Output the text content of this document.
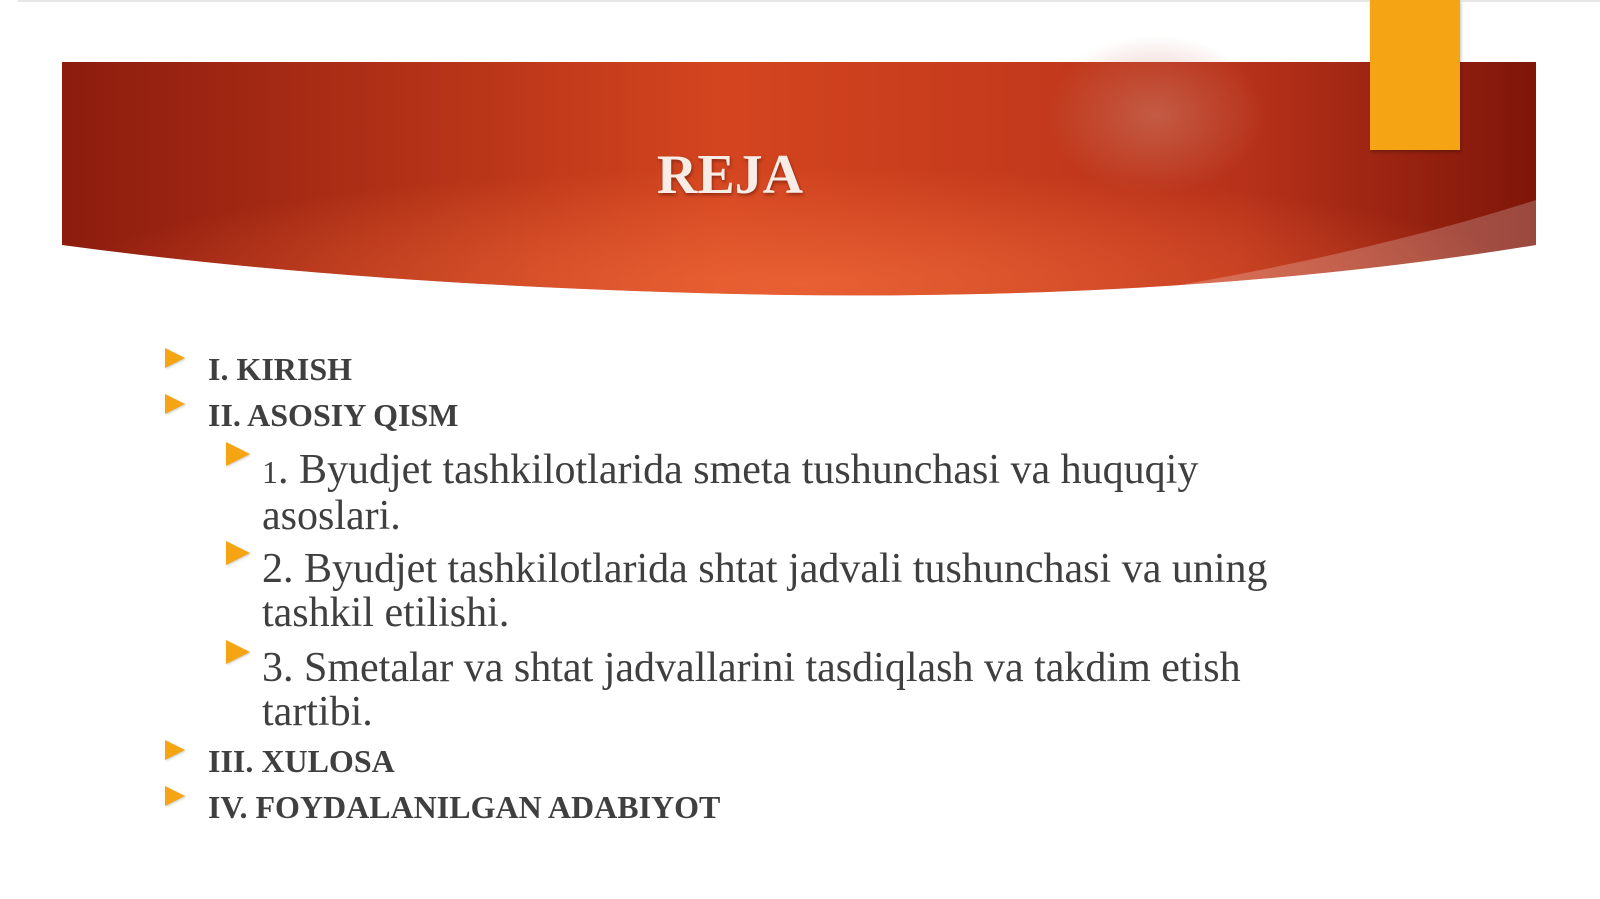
REJA
I. KIRISH
II. ASOSIY QISM
1. Byudjet tashkilotlarida smeta tushunchasi va huquqiy asoslari.
2. Byudjet tashkilotlarida shtat jadvali tushunchasi va uning tashkil etilishi.
3. Smetalar va shtat jadvallarini tasdiqlash va takdim etish tartibi.
III. XULOSA
IV. FOYDALANILGAN ADABIYOT
